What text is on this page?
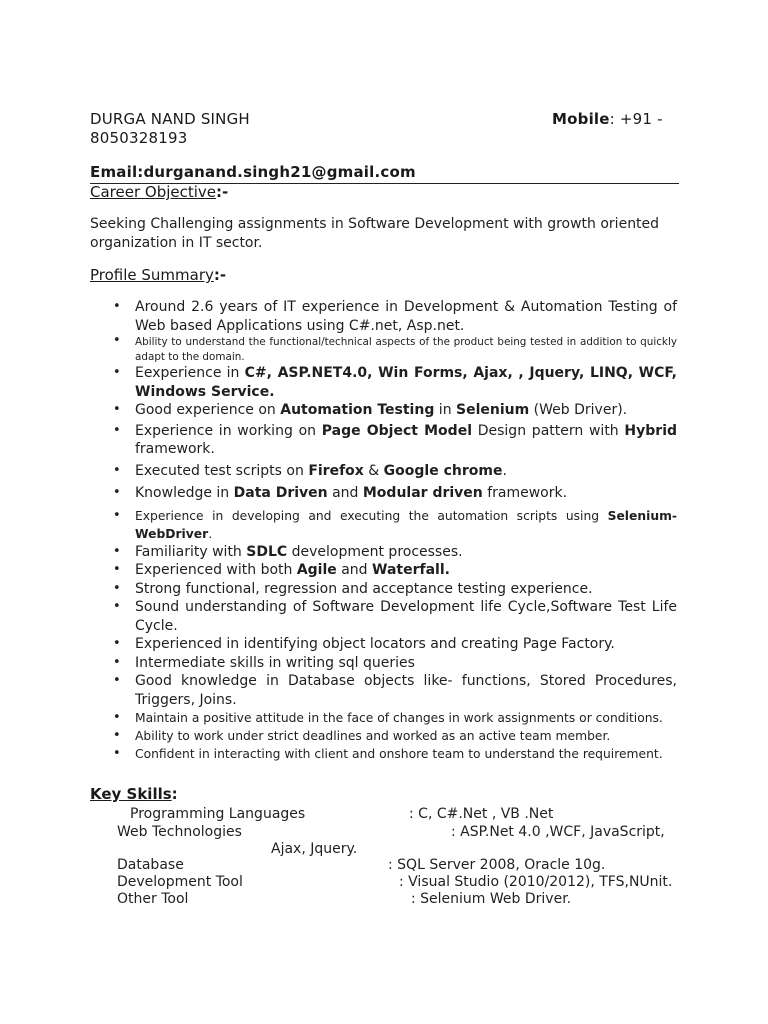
DURGA NAND SINGH	Mobile: +91 -
8050328193
Email:durganand.singh21@gmail.com
Career Objective:-
Seeking Challenging assignments in Software Development with growth oriented organization in IT sector.
Profile Summary:-
• Around 2.6 years of IT experience in Development & Automation Testing of Web based Applications using C#.net, Asp.net.
• Ability to understand the functional/technical aspects of the product being tested in addition to quickly adapt to the domain.
• Eexperience in C#, ASP.NET4.0, Win Forms, Ajax, , Jquery, LINQ, WCF, Windows Service.
• Good experience on Automation Testing in Selenium (Web Driver).
• Experience in working on Page Object Model Design pattern with Hybrid framework.
• Executed test scripts on Firefox & Google chrome.
• Knowledge in Data Driven and Modular driven framework.
• Experience in developing and executing the automation scripts using Selenium-WebDriver.
• Familiarity with SDLC development processes.
• Experienced with both Agile and Waterfall.
• Strong functional, regression and acceptance testing experience.
• Sound understanding of Software Development life Cycle,Software Test Life Cycle.
• Experienced in identifying object locators and creating Page Factory.
• Intermediate skills in writing sql queries
• Good knowledge in Database objects like- functions, Stored Procedures, Triggers, Joins.
• Maintain a positive attitude in the face of changes in work assignments or conditions.
• Ability to work under strict deadlines and worked as an active team member.
• Confident in interacting with client and onshore team to understand the requirement.
Key Skills:
Programming Languages	: C, C#.Net , VB .Net
Web Technologies	: ASP.Net 4.0 ,WCF, JavaScript,
Ajax, Jquery.
Database	: SQL Server 2008, Oracle 10g.
Development Tool	: Visual Studio (2010/2012), TFS,NUnit.
Other Tool	: Selenium Web Driver.
